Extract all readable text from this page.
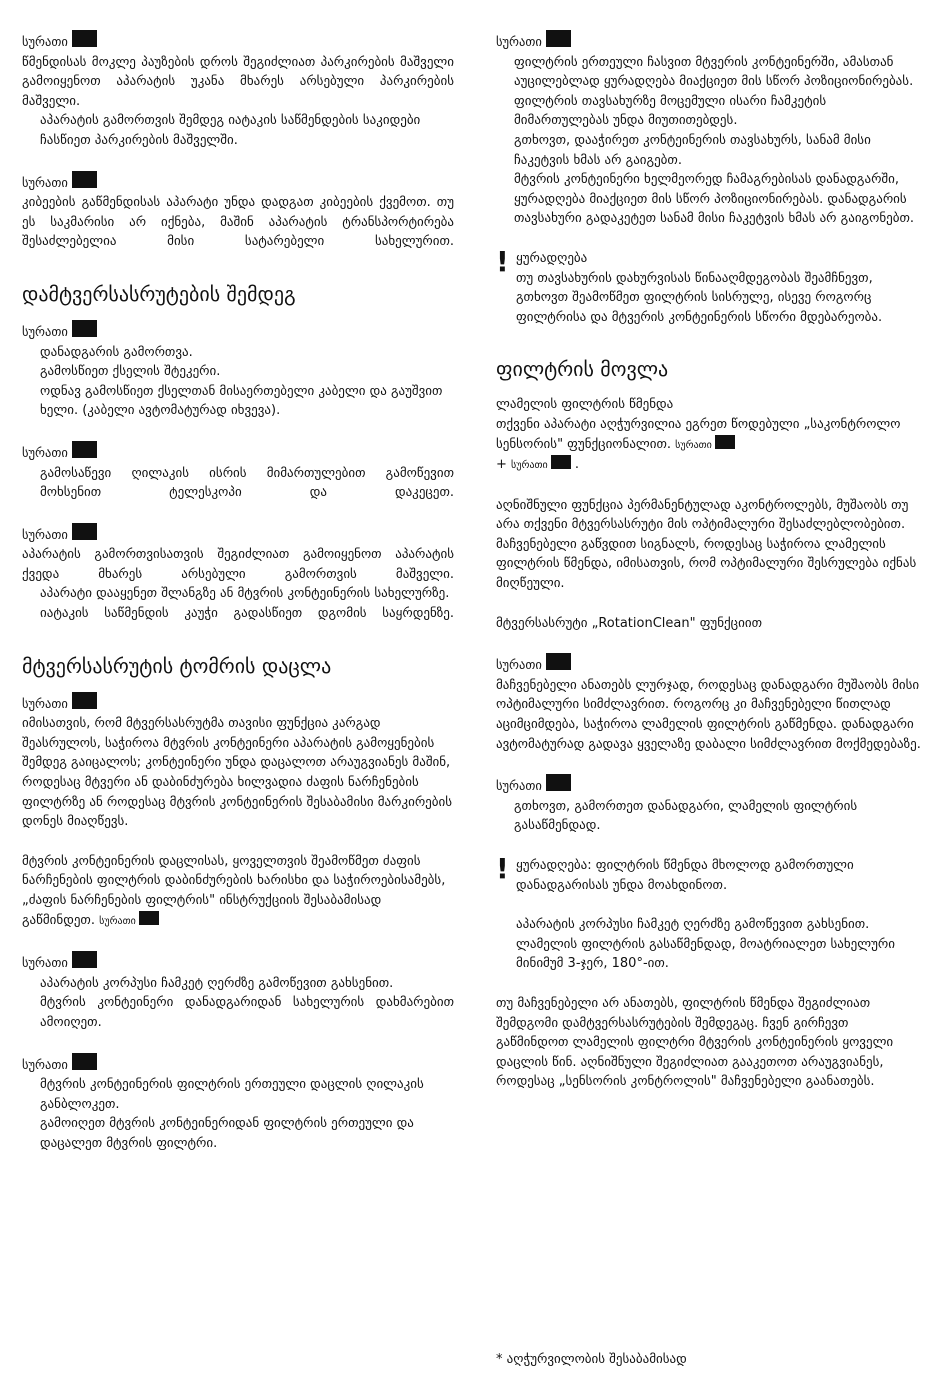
სურათი
წმენდისას მოკლე პაუზების დროს შეგიძლიათ პარკირების მაშველი გამოიყენოთ აპარატის უკანა მხარეს არსებული პარკირების მაშველი.
აპარატის გამორთვის შემდეგ იატაკის საწმენდების საკიდები ჩასწიეთ პარკირების მაშველში.
სურათი
კიბეების გაწმენდისას აპარატი უნდა დადგათ კიბეების ქვემოთ. თუ ეს საკმარისი არ იქნება, მაშინ აპარატის ტრანსპორტირება შესაძლებელია მისი სატარებელი სახელურით.
დამტვერსასრუტების შემდეგ
სურათი
დანადგარის გამორთვა.
გამოსწიეთ ქსელის შტეკერი.
ოდნავ გამოსწიეთ ქსელთან მისაერთებელი კაბელი და გაუშვით ხელი. (კაბელი ავტომატურად იხვევა).
სურათი
გამოსაწევი ღილაკის ისრის მიმართულებით გამოწევით მოხსენით ტელესკოპი და დაკეცეთ.
სურათი
აპარატის გამორთვისათვის შეგიძლიათ გამოიყენოთ აპარატის ქვედა მხარეს არსებული გამორთვის მაშველი.
აპარატი დააყენეთ შლანგზე ან მტვრის კონტეინერის სახელურზე.
იატაკის საწმენდის კაუჭი გადასწიეთ დგომის საყრდენზე.
მტვერსასრუტის ტომრის დაცლა
სურათი
იმისათვის, რომ მტვერსასრუტმა თავისი ფუნქცია კარგად შეასრულოს, საჭიროა მტვრის კონტეინერი აპარატის გამოყენების შემდეგ გაიცალოს; კონტეინერი უნდა დაცალოთ არაუგვიანეს მაშინ, როდესაც მტვერი ან დაბინძურება ხილვადია ძაფის ნარჩენების ფილტრზე ან როდესაც მტვრის კონტეინერის შესაბამისი მარკირების დონეს მიაღწევს.
მტვრის კონტეინერის დაცლისას, ყოველთვის შეამოწმეთ ძაფის ნარჩენების ფილტრის დაბინძურების ხარისხი და საჭიროებისამებს, „ძაფის ნარჩენების ფილტრის" ინსტრუქციის შესაბამისად გაწმინდეთ. სურათი
სურათი
აპარატის კორპუსი ჩამკეტ ღერძზე გამოწევით გახსენით.
მტვრის კონტეინერი დანადგარიდან სახელურის დახმარებით ამოიღეთ.
სურათი
მტვრის კონტეინერის ფილტრის ერთეული დაცლის ღილაკის განბლოკეთ.
გამოიღეთ მტვრის კონტეინერიდან ფილტრის ერთეული და დაცალეთ მტვრის ფილტრი.
სურათი
ფილტრის ერთეული ჩასვით მტვერის კონტეინერში, ამასთან აუცილებლად ყურადღება მიაქციეთ მის სწორ პოზიციონირებას. ფილტრის თავსახურზე მოცემული ისარი ჩამკეტის მიმართულებას უნდა მიუთითებდეს.
გთხოვთ, დააჭირეთ კონტეინერის თავსახურს, სანამ მისი ჩაკეტვის ხმას არ გაიგებთ.
მტვრის კონტეინერი ხელმეორედ ჩამაგრებისას დანადგარში, ყურადღება მიაქციეთ მის სწორ პოზიციონირებას. დანადგარის თავსახური გადაკეტეთ სანამ მისი ჩაკეტვის ხმას არ გაიგონებთ.
! ყურადღება
თუ თავსახურის დახურვისას წინააღმდეგობას შეამჩნევთ, გთხოვთ შეამოწმეთ ფილტრის სისრულე, ისევე როგორც ფილტრისა და მტვერის კონტეინერის სწორი მდებარეობა.
ფილტრის მოვლა
ლამელის ფილტრის წმენდა
თქვენი აპარატი აღჭურვილია ეგრეთ წოდებული „საკონტროლო სენსორის" ფუნქციონალით. სურათი
+ სურათი .
აღნიშნული ფუნქცია პერმანენტულად აკონტროლებს, მუშაობს თუ არა თქვენი მტვერსასრუტი მის ოპტიმალური შესაძლებლობებით. მაჩვენებელი გაწვდით სიგნალს, როდესაც საჭიროა ლამელის ფილტრის წმენდა, იმისათვის, რომ ოპტიმალური შესრულება იქნას მიღწეული.
მტვერსასრუტი „RotationClean" ფუნქციით
სურათი
მაჩვენებელი ანათებს ლურჯად, როდესაც დანადგარი მუშაობს მისი ოპტიმალური სიმძლავრით. როგორც კი მაჩვენებელი წითლად აციმციმდება, საჭიროა ლამელის ფილტრის გაწმენდა. დანადგარი ავტომატურად გადავა ყველაზე დაბალი სიმძლავრით მოქმედებაზე.
სურათი
გთხოვთ, გამორთეთ დანადგარი, ლამელის ფილტრის გასაწმენდად.
! ყურადღება: ფილტრის წმენდა მხოლოდ გამორთული დანადგარისას უნდა მოახდინოთ.
აპარატის კორპუსი ჩამკეტ ღერძზე გამოწევით გახსენით.
ლამელის ფილტრის გასაწმენდად, მოატრიალეთ სახელური მინიმუმ 3-ჯერ, 180°-ით.
თუ მაჩვენებელი არ ანათებს, ფილტრის წმენდა შეგიძლიათ შემდგომი დამტვერსასრუტების შემდეგაც. ჩვენ გირჩევთ გაწმინდოთ ლამელის ფილტრი მტვერის კონტეინერის ყოველი დაცლის წინ. აღნიშნული შეგიძლიათ გააკეთოთ არაუგვიანეს, როდესაც „სენსორის კონტროლის" მაჩვენებელი გაანათებს.
* აღჭურვილობის შესაბამისად
